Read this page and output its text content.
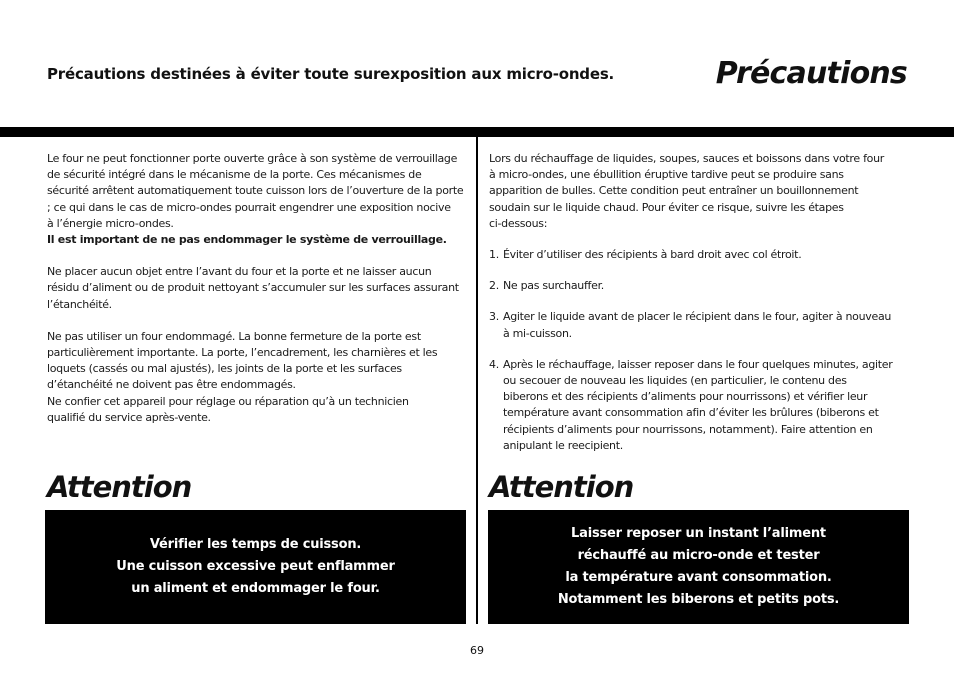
Précautions destinées à éviter toute surexposition aux micro-ondes.	Précautions

Le four ne peut fonctionner porte ouverte grâce à son système de verrouillage

de sécurité intégré dans le mécanisme de la porte. Ces mécanismes de

sécurité arrêtent automatiquement toute cuisson lors de l’ouverture de la porte

; ce qui dans le cas de micro-ondes pourrait engendrer une exposition nocive

à l’énergie micro-ondes.

Il est important de ne pas endommager le système de verrouillage.

Ne placer aucun objet entre l’avant du four et la porte et ne laisser aucun

résidu d’aliment ou de produit nettoyant s’accumuler sur les surfaces assurant

l’étanchéité.

Ne pas utiliser un four endommagé. La bonne fermeture de la porte est

particulièrement importante. La porte, l’encadrement, les charnières et les

loquets (cassés ou mal ajustés), les joints de la porte et les surfaces

d’étanchéité ne doivent pas être endommagés.

Ne confier cet appareil pour réglage ou réparation qu’à un technicien

qualifié du service après-vente.

Lors du réchauffage de liquides, soupes, sauces et boissons dans votre four

à micro-ondes, une ébullition éruptive tardive peut se produire sans

apparition de bulles. Cette condition peut entraîner un bouillonnement

soudain sur le liquide chaud. Pour éviter ce risque, suivre les étapes

ci-dessous:

1. Éviter d’utiliser des récipients à bard droit avec col étroit.

2. Ne pas surchauffer.

3. Agiter le liquide avant de placer le récipient dans le four, agiter à nouveau

à mi-cuisson.

4. Après le réchauffage, laisser reposer dans le four quelques minutes, agiter

ou secouer de nouveau les liquides (en particulier, le contenu des

biberons et des récipients d’aliments pour nourrissons) et vérifier leur

température avant consommation afin d’éviter les brûlures (biberons et

récipients d’aliments pour nourrissons, notamment). Faire attention en

anipulant le reecipient.

Attention
Vérifier les temps de cuisson.
Une cuisson excessive peut enflammer
un aliment et endommager le four.
Attention
Laisser reposer un instant l’aliment
réchauffé au micro-onde et tester
la température avant consommation.
Notamment les biberons et petits pots.
69
